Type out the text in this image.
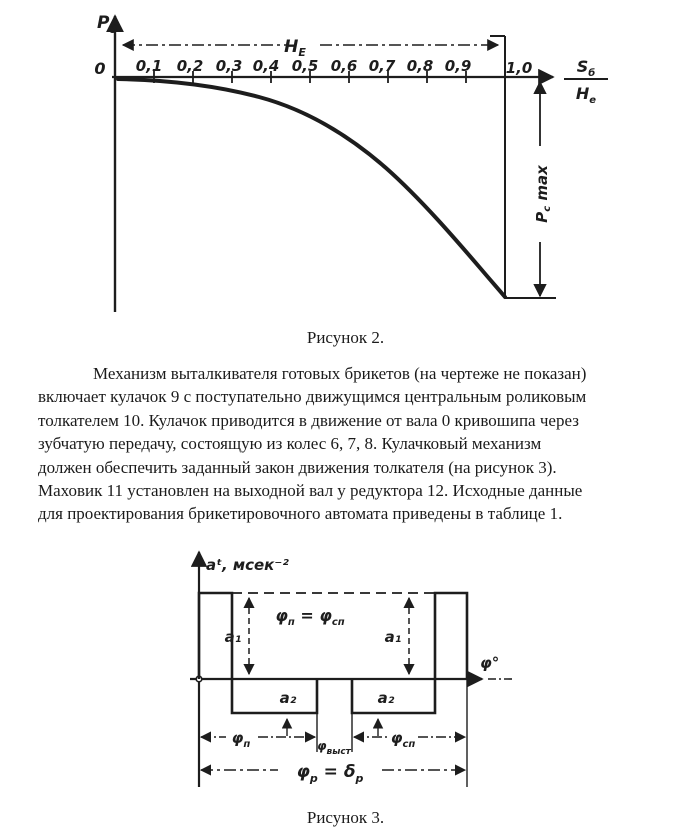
$Н_Е$
$Р_с$ max
$Р_б$
0 0,1 0,2 0,3 0,4 0,5 0,6 0,7 0,8 0,9 1,0	$S_б$
$Н_е$
Рисунок 2.
Механизм выталкивателя готовых брикетов (на чертеже не показан)
включает кулачок 9 с поступательно движущимся центральным роликовым
толкателем 10. Кулачок приводится в движение от вала 0 кривошипа через
зубчатую передачу, состоящую из колес 6, 7, 8. Кулачковый механизм
должен обеспечить заданный закон движения толкателя (на рисунок 3).
Маховик 11 установлен на выходной вал у редуктора 12. Исходные данные
для проектирования брикетировочного автомата приведены в таблице 1.
а₁	а₁
а₂	а₂
$\varphi_п$	$\varphi_{выст}$
$\varphi_{сп}$
$\varphi_р = \delta_р$
аᵗ, мсек⁻²
φ°
$\varphi_п = \varphi_{сп}$
Рисунок 3.
